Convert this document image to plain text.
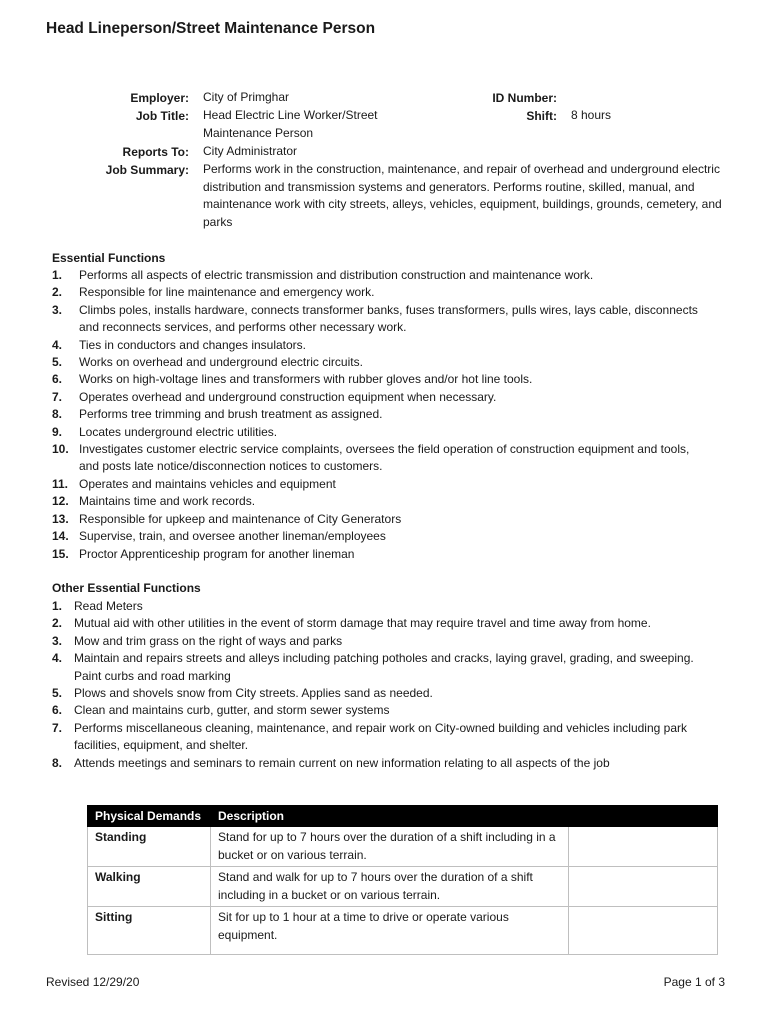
Head Lineperson/Street Maintenance Person
Employer: City of Primghar
Job Title: Head Electric Line Worker/Street Maintenance Person
Reports To: City Administrator
Job Summary: Performs work in the construction, maintenance, and repair of overhead and underground electric distribution and transmission systems and generators. Performs routine, skilled, manual, and maintenance work with city streets, alleys, vehicles, equipment, buildings, grounds, cemetery, and parks
ID Number:
Shift: 8 hours
Essential Functions
1. Performs all aspects of electric transmission and distribution construction and maintenance work.
2. Responsible for line maintenance and emergency work.
3. Climbs poles, installs hardware, connects transformer banks, fuses transformers, pulls wires, lays cable, disconnects and reconnects services, and performs other necessary work.
4. Ties in conductors and changes insulators.
5. Works on overhead and underground electric circuits.
6. Works on high-voltage lines and transformers with rubber gloves and/or hot line tools.
7. Operates overhead and underground construction equipment when necessary.
8. Performs tree trimming and brush treatment as assigned.
9. Locates underground electric utilities.
10. Investigates customer electric service complaints, oversees the field operation of construction equipment and tools, and posts late notice/disconnection notices to customers.
11. Operates and maintains vehicles and equipment
12. Maintains time and work records.
13. Responsible for upkeep and maintenance of City Generators
14. Supervise, train, and oversee another lineman/employees
15. Proctor Apprenticeship program for another lineman
Other Essential Functions
1. Read Meters
2. Mutual aid with other utilities in the event of storm damage that may require travel and time away from home.
3. Mow and trim grass on the right of ways and parks
4. Maintain and repairs streets and alleys including patching potholes and cracks, laying gravel, grading, and sweeping. Paint curbs and road marking
5. Plows and shovels snow from City streets. Applies sand as needed.
6. Clean and maintains curb, gutter, and storm sewer systems
7. Performs miscellaneous cleaning, maintenance, and repair work on City-owned building and vehicles including park facilities, equipment, and shelter.
8. Attends meetings and seminars to remain current on new information relating to all aspects of the job
Physical Demands	Description	
Standing	Stand for up to 7 hours over the duration of a shift including in a bucket or on various terrain.	
Walking	Stand and walk for up to 7 hours over the duration of a shift including in a bucket or on various terrain.	
Sitting	Sit for up to 1 hour at a time to drive or operate various equipment.	
Revised 12/29/20	Page 1 of 3
